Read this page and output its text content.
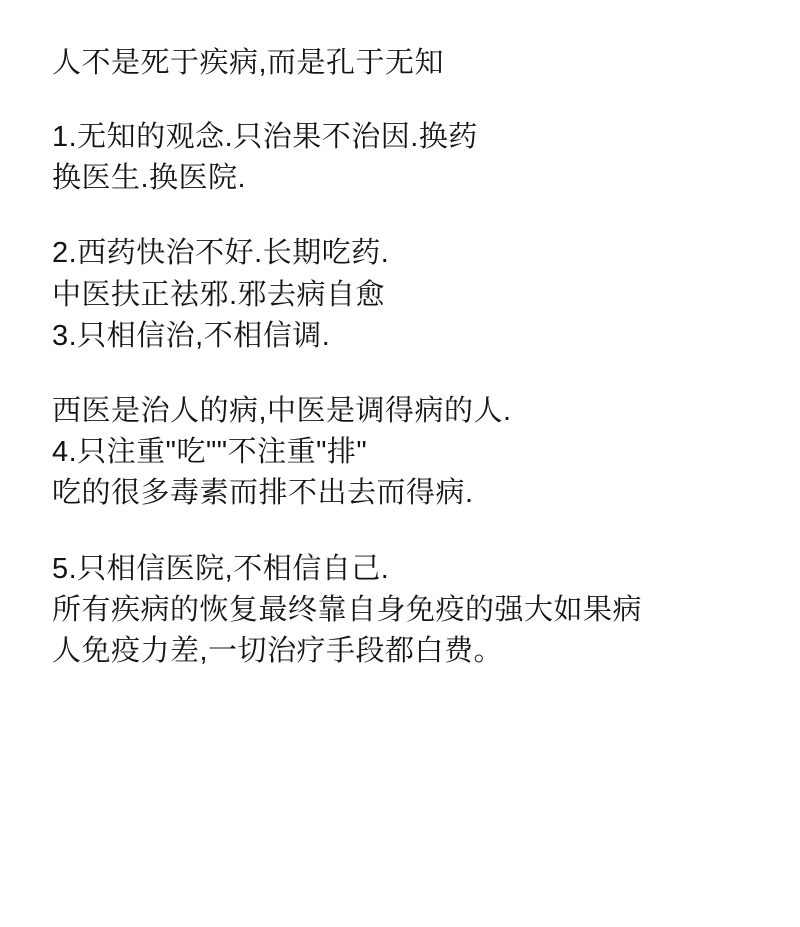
人不是死于疾病,而是孔于无知
1.无知的观念.只治果不治因.换药
换医生.换医院.
2.西药快治不好.长期吃药.
中医扶正祛邪.邪去病自愈
3.只相信治,不相信调.
西医是治人的病,中医是调得病的人.
4.只注重"吃""不注重"排"
吃的很多毒素而排不出去而得病.
5.只相信医院,不相信自己.
所有疾病的恢复最终靠自身免疫的强大如果病
人免疫力差,一切治疗手段都白费。
